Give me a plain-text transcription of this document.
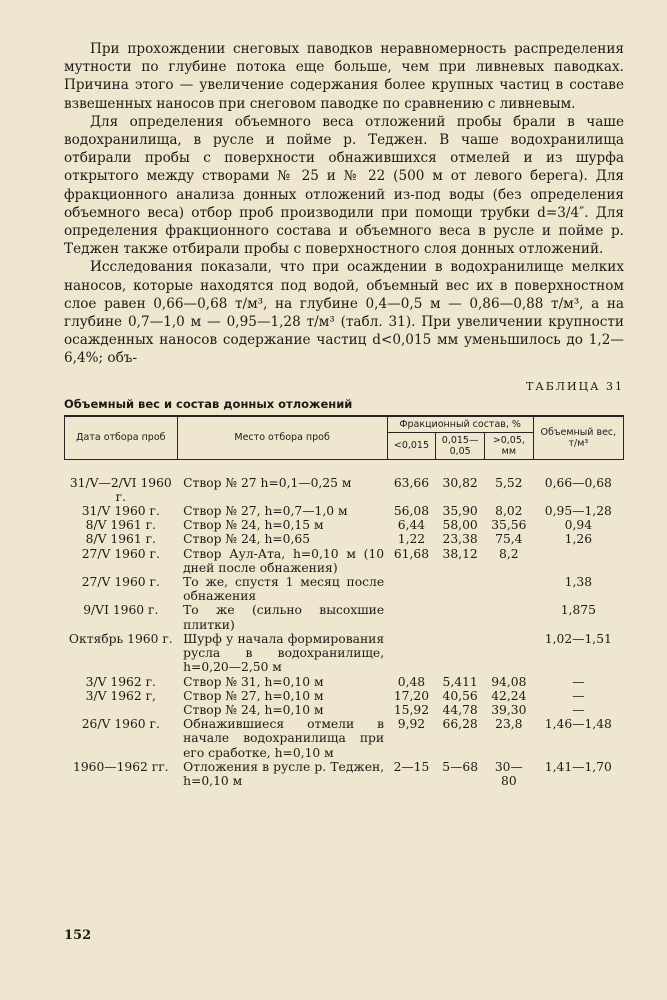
При прохождении снеговых паводков неравномерность распределения мутности по глубине потока еще больше, чем при ливневых паводках. Причина этого — увеличение содержания более крупных частиц в составе взвешенных наносов при снеговом паводке по сравнению с ливневым.

Для определения объемного веса отложений пробы брали в чаше водохранилища, в русле и пойме р. Теджен. В чаше водохранилища отбирали пробы с поверхности обнажившихся отмелей и из шурфа открытого между створами № 25 и № 22 (500 м от левого берега). Для фракционного анализа донных отложений из-под воды (без определения объемного веса) отбор проб производили при помощи трубки d=3/4″. Для определения фракционного состава и объемного веса в русле и пойме р. Теджен также отбирали пробы с поверхностного слоя донных отложений.

Исследования показали, что при осаждении в водохранилище мелких наносов, которые находятся под водой, объемный вес их в поверхностном слое равен 0,66—0,68 т/м³, на глубине 0,4—0,5 м — 0,86—0,88 т/м³, а на глубине 0,7—1,0 м — 0,95—1,28 т/м³ (табл. 31). При увеличении крупности осажденных наносов содержание частиц d<0,015 мм уменьшилось до 1,2—6,4%; объ-

ТАБЛИЦА 31
Объемный вес и состав донных отложений
Дата отбора проб	Место отбора проб	Фракционный состав, %			Объемный вес, т/м³
		<0,015	0,015—0,05	>0,05, мм	
31/V—2/VI 1960 г.	Створ № 27 h=0,1—0,25 м	63,66	30,82	5,52	0,66—0,68
31/V 1960 г.	Створ № 27, h=0,7—1,0 м	56,08	35,90	8,02	0,95—1,28
8/V 1961 г.	Створ № 24, h=0,15 м	6,44	58,00	35,56	0,94
8/V 1961 г.	Створ № 24, h=0,65	1,22	23,38	75,4	1,26
27/V 1960 г.	Створ Аул-Ата, h=0,10 м (10 дней после обнажения)	61,68	38,12	8,2	
27/V 1960 г.	То же, спустя 1 месяц после обнажения				1,38
9/VI 1960 г.	То же (сильно высохшие плитки)				1,875
Октябрь 1960 г.	Шурф у начала формирования русла в водохранилище, h=0,20—2,50 м				1,02—1,51
3/V 1962 г.	Створ № 31, h=0,10 м	0,48	5,411	94,08	—
3/V 1962 г,	Створ № 27, h=0,10 м	17,20	40,56	42,24	—
	Створ № 24, h=0,10 м	15,92	44,78	39,30	—
26/V 1960 г.	Обнажившиеся отмели в начале водохранилища при его сработке, h=0,10 м	9,92	66,28	23,8	1,46—1,48
1960—1962 гг.	Отложения в русле р. Теджен, h=0,10 м	2—15	5—68	30—80	1,41—1,70
152
